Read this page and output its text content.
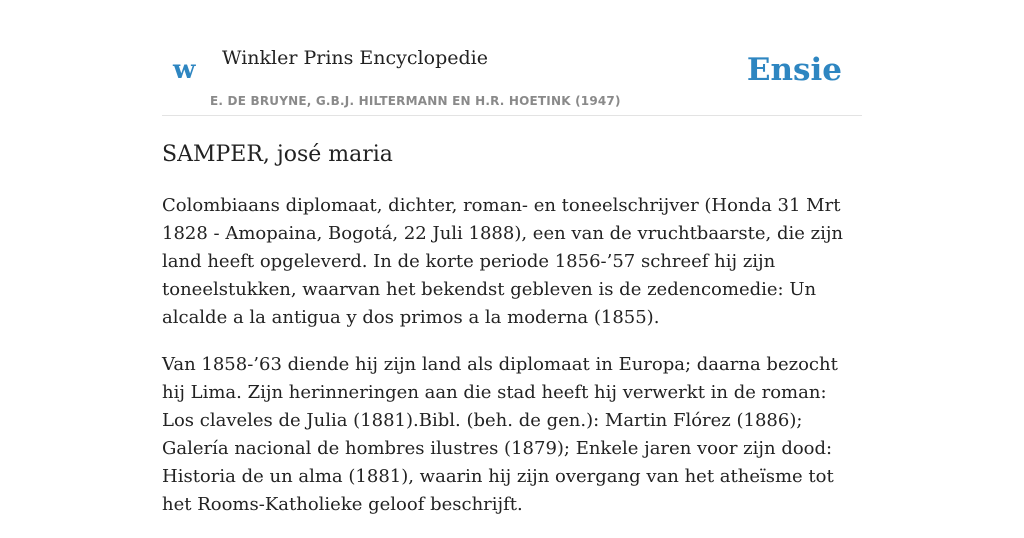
w Winkler Prins Encyclopedie
E. DE BRUYNE, G.B.J. HILTERMANN EN H.R. HOETINK (1947)
Ensie
SAMPER, josé maria

Colombiaans diplomaat, dichter, roman- en toneelschrijver (Honda 31 Mrt 1828 - Amopaina, Bogotá, 22 Juli 1888), een van de vruchtbaarste, die zijn land heeft opgeleverd. In de korte periode 1856-’57 schreef hij zijn toneelstukken, waarvan het bekendst gebleven is de zedencomedie: Un alcalde a la antigua y dos primos a la moderna (1855).

Van 1858-’63 diende hij zijn land als diplomaat in Europa; daarna bezocht hij Lima. Zijn herinneringen aan die stad heeft hij verwerkt in de roman: Los claveles de Julia (1881).Bibl. (beh. de gen.): Martin Flórez (1886); Galería nacional de hombres ilustres (1879); Enkele jaren voor zijn dood: Historia de un alma (1881), waarin hij zijn overgang van het atheïsme tot het Rooms-Katholieke geloof beschrijft.
